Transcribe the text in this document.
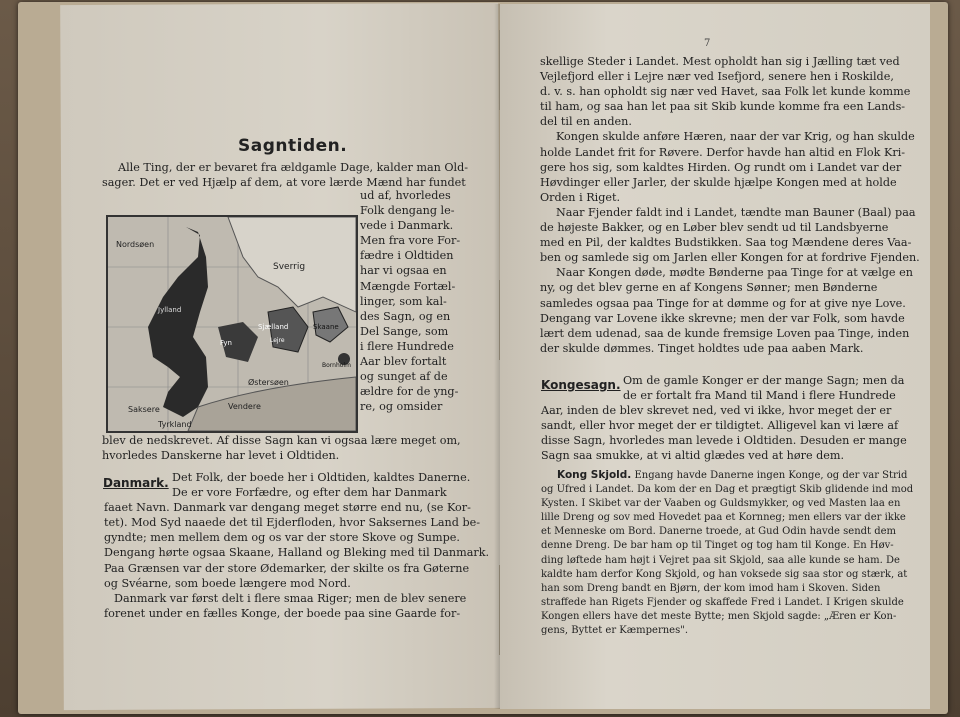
Sagntiden.
Alle Ting, der er bevaret fra ældgamle Dage, kalder man Old-
sager. Det er ved Hjælp af dem, at vore lærde Mænd har fundet
ud af, hvorledes
Folk dengang le-
vede i Danmark.
Men fra vore For-
fædre i Oldtiden
har vi ogsaa en
Mængde Fortæl-
linger, som kal-
des Sagn, og en
Del Sange, som
i flere Hundrede
Aar blev fortalt
og sunget af de
ældre for de yng-
re, og omsider
Sverrig
Sjælland	Skaane
Fyn	Lejre
Jylland
Bornholm
Østersøen
Vendere
Nordsøen
Saksere
Tyrkland
blev de nedskrevet. Af disse Sagn kan vi ogsaa lære meget om,
hvorledes Danskerne har levet i Oldtiden.
Danmark. Det Folk, der boede her i Oldtiden, kaldtes Danerne.
De er vore Forfædre, og efter dem har Danmark
faaet Navn. Danmark var dengang meget større end nu, (se Kor-
tet). Mod Syd naaede det til Ejderfloden, hvor Saksernes Land be-
gyndte; men mellem dem og os var der store Skove og Sumpe.
Dengang hørte ogsaa Skaane, Halland og Bleking med til Danmark.
Paa Grænsen var der store Ødemarker, der skilte os fra Gøterne
og Svéarne, som boede længere mod Nord.
Danmark var først delt i flere smaa Riger; men de blev senere
forenet under en fælles Konge, der boede paa sine Gaarde for-
7
skellige Steder i Landet. Mest opholdt han sig i Jælling tæt ved
Vejlefjord eller i Lejre nær ved Isefjord, senere hen i Roskilde,
d. v. s. han opholdt sig nær ved Havet, saa Folk let kunde komme
til ham, og saa han let paa sit Skib kunde komme fra een Lands-
del til en anden.
Kongen skulde anføre Hæren, naar der var Krig, og han skulde
holde Landet frit for Røvere. Derfor havde han altid en Flok Kri-
gere hos sig, som kaldtes Hirden. Og rundt om i Landet var der
Høvdinger eller Jarler, der skulde hjælpe Kongen med at holde
Orden i Riget.
Naar Fjender faldt ind i Landet, tændte man Bauner (Baal) paa
de højeste Bakker, og en Løber blev sendt ud til Landsbyerne
med en Pil, der kaldtes Budstikken. Saa tog Mændene deres Vaa-
ben og samlede sig om Jarlen eller Kongen for at fordrive Fjenden.
Naar Kongen døde, mødte Bønderne paa Tinge for at vælge en
ny, og det blev gerne en af Kongens Sønner; men Bønderne
samledes ogsaa paa Tinge for at dømme og for at give nye Love.
Dengang var Lovene ikke skrevne; men der var Folk, som havde
lært dem udenad, saa de kunde fremsige Loven paa Tinge, inden
der skulde dømmes. Tinget holdtes ude paa aaben Mark.
Kongesagn. Om de gamle Konger er der mange Sagn; men da
de er fortalt fra Mand til Mand i flere Hundrede
Aar, inden de blev skrevet ned, ved vi ikke, hvor meget der er
sandt, eller hvor meget der er tildigtet. Alligevel kan vi lære af
disse Sagn, hvorledes man levede i Oldtiden. Desuden er mange
Sagn saa smukke, at vi altid glædes ved at høre dem.
Kong Skjold. Engang havde Danerne ingen Konge, og der var Strid
og Ufred i Landet. Da kom der en Dag et prægtigt Skib glidende ind mod
Kysten. I Skibet var der Vaaben og Guldsmykker, og ved Masten laa en
lille Dreng og sov med Hovedet paa et Kornneg; men ellers var der ikke
et Menneske om Bord. Danerne troede, at Gud Odin havde sendt dem
denne Dreng. De bar ham op til Tinget og tog ham til Konge. En Høv-
ding løftede ham højt i Vejret paa sit Skjold, saa alle kunde se ham. De
kaldte ham derfor Kong Skjold, og han voksede sig saa stor og stærk, at
han som Dreng bandt en Bjørn, der kom imod ham i Skoven. Siden
straffede han Rigets Fjender og skaffede Fred i Landet. I Krigen skulde
Kongen ellers have det meste Bytte; men Skjold sagde: „Æren er Kon-
gens, Byttet er Kæmpernes".
